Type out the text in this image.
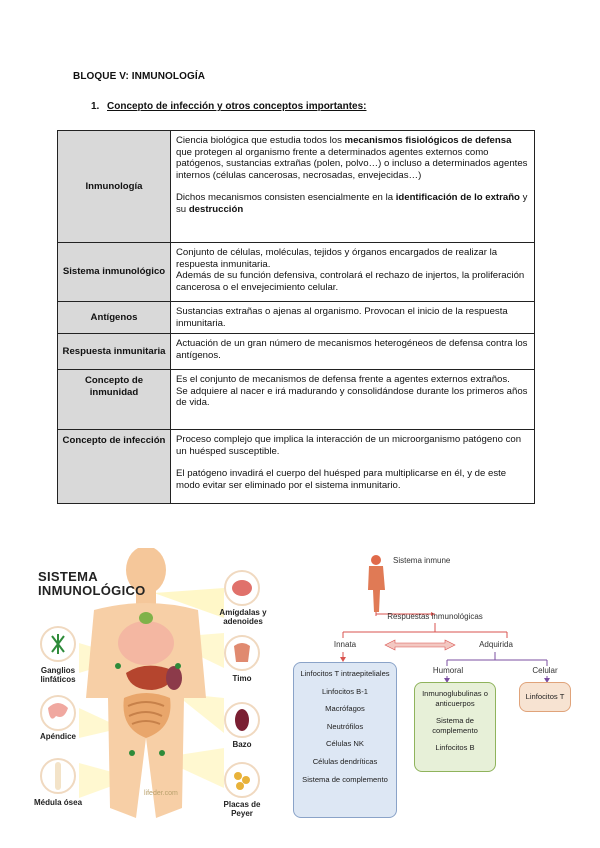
BLOQUE V: INMUNOLOGÍA
1. Concepto de infección y otros conceptos importantes:
Inmunología	Ciencia biológica que estudia todos los mecanismos fisiológicos de defensa que protegen al organismo frente a determinados agentes externos como patógenos, sustancias extrañas (polen, polvo…) o incluso a determinados agentes internos (células cancerosas, necrosadas, envejecidas…)

Dichos mecanismos consisten esencialmente en la identificación de lo extraño y su destrucción

Sistema inmunológico	Conjunto de células, moléculas, tejidos y órganos encargados de realizar la respuesta inmunitaria.

Además de su función defensiva, controlará el rechazo de injertos, la proliferación cancerosa o el envejecimiento celular.

Antígenos	Sustancias extrañas o ajenas al organismo. Provocan el inicio de la respuesta inmunitaria.

Respuesta inmunitaria	Actuación de un gran número de mecanismos heterogéneos de defensa contra los antígenos.

Concepto de inmunidad	Es el conjunto de mecanismos de defensa frente a agentes externos extraños.

Se adquiere al nacer e irá madurando y consolidándose durante los primeros años de vida.

Concepto de infección	Proceso complejo que implica la interacción de un microorganismo patógeno con un huésped susceptible.

El patógeno invadirá el cuerpo del huésped para multiplicarse en él, y de este modo evitar ser eliminado por el sistema inmunitario.

SISTEMA
INMUNOLÓGICO
Amígdalas y adenoides
Timo
Bazo
Placas de Peyer
Ganglios linfáticos
Apéndice
Médula ósea
lifeder.com
Sistema inmune
Respuestas inmunológicas
Innata	Adquirida
Humoral	Celular
Linfocitos T intraepiteliales
Linfocitos B-1
Macrófagos
Neutrófilos
Células NK
Células dendríticas
Sistema de complemento
Inmunoglubulinas o anticuerpos
Sistema de complemento
Linfocitos B
Linfocitos T
